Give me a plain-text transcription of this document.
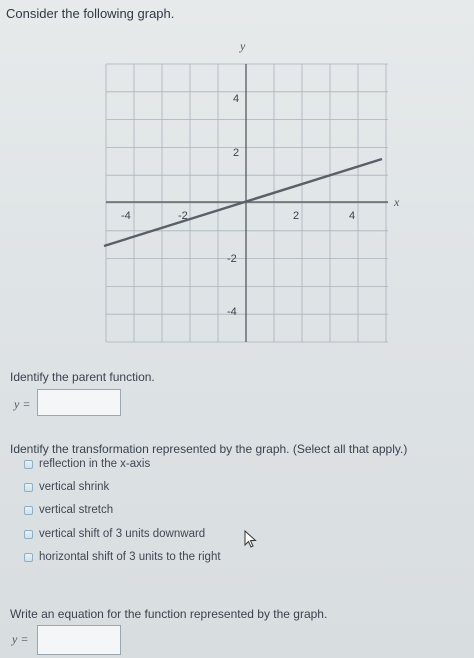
Consider the following graph.
y
x
-4	-2	2	4
4
2
-2
-4
Identify the parent function.
y =
Identify the transformation represented by the graph. (Select all that apply.)
reflection in the x-axis
vertical shrink
vertical stretch
vertical shift of 3 units downward
horizontal shift of 3 units to the right
Write an equation for the function represented by the graph.
y =
